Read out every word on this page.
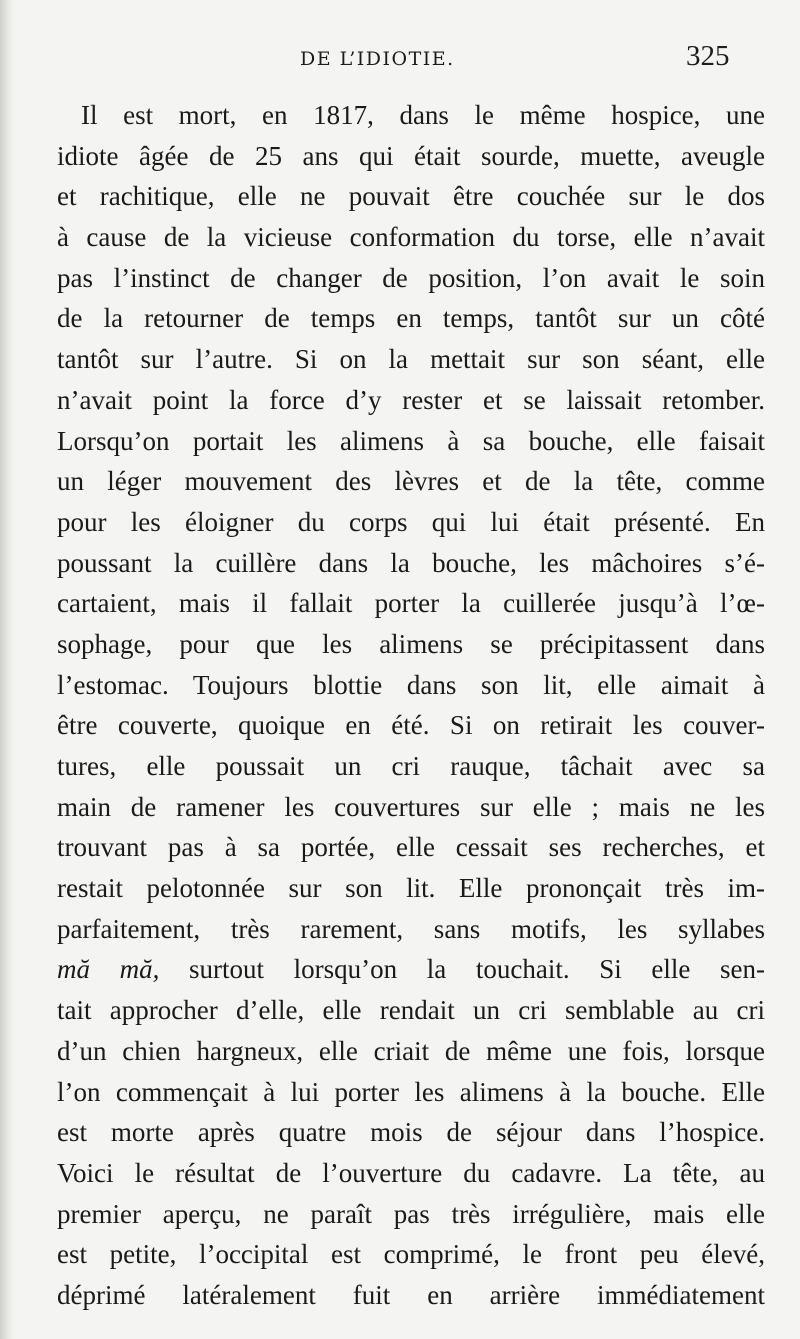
DE L’IDIOTIE.	325
Il est mort, en 1817, dans le même hospice, une
idiote âgée de 25 ans qui était sourde, muette, aveugle
et rachitique, elle ne pouvait être couchée sur le dos
à cause de la vicieuse conformation du torse, elle n’avait
pas l’instinct de changer de position, l’on avait le soin
de la retourner de temps en temps, tantôt sur un côté
tantôt sur l’autre. Si on la mettait sur son séant, elle
n’avait point la force d’y rester et se laissait retomber.
Lorsqu’on portait les alimens à sa bouche, elle faisait
un léger mouvement des lèvres et de la tête, comme
pour les éloigner du corps qui lui était présenté. En
poussant la cuillère dans la bouche, les mâchoires s’é-
cartaient, mais il fallait porter la cuillerée jusqu’à l’œ-
sophage, pour que les alimens se précipitassent dans
l’estomac. Toujours blottie dans son lit, elle aimait à
être couverte, quoique en été. Si on retirait les couver-
tures, elle poussait un cri rauque, tâchait avec sa
main de ramener les couvertures sur elle ; mais ne les
trouvant pas à sa portée, elle cessait ses recherches, et
restait pelotonnée sur son lit. Elle prononçait très im-
parfaitement, très rarement, sans motifs, les syllabes
mă mă, surtout lorsqu’on la touchait. Si elle sen-
tait approcher d’elle, elle rendait un cri semblable au cri
d’un chien hargneux, elle criait de même une fois, lorsque
l’on commençait à lui porter les alimens à la bouche. Elle
est morte après quatre mois de séjour dans l’hospice.
Voici le résultat de l’ouverture du cadavre. La tête, au
premier aperçu, ne paraît pas très irrégulière, mais elle
est petite, l’occipital est comprimé, le front peu élevé,
déprimé latéralement fuit en arrière immédiatement
